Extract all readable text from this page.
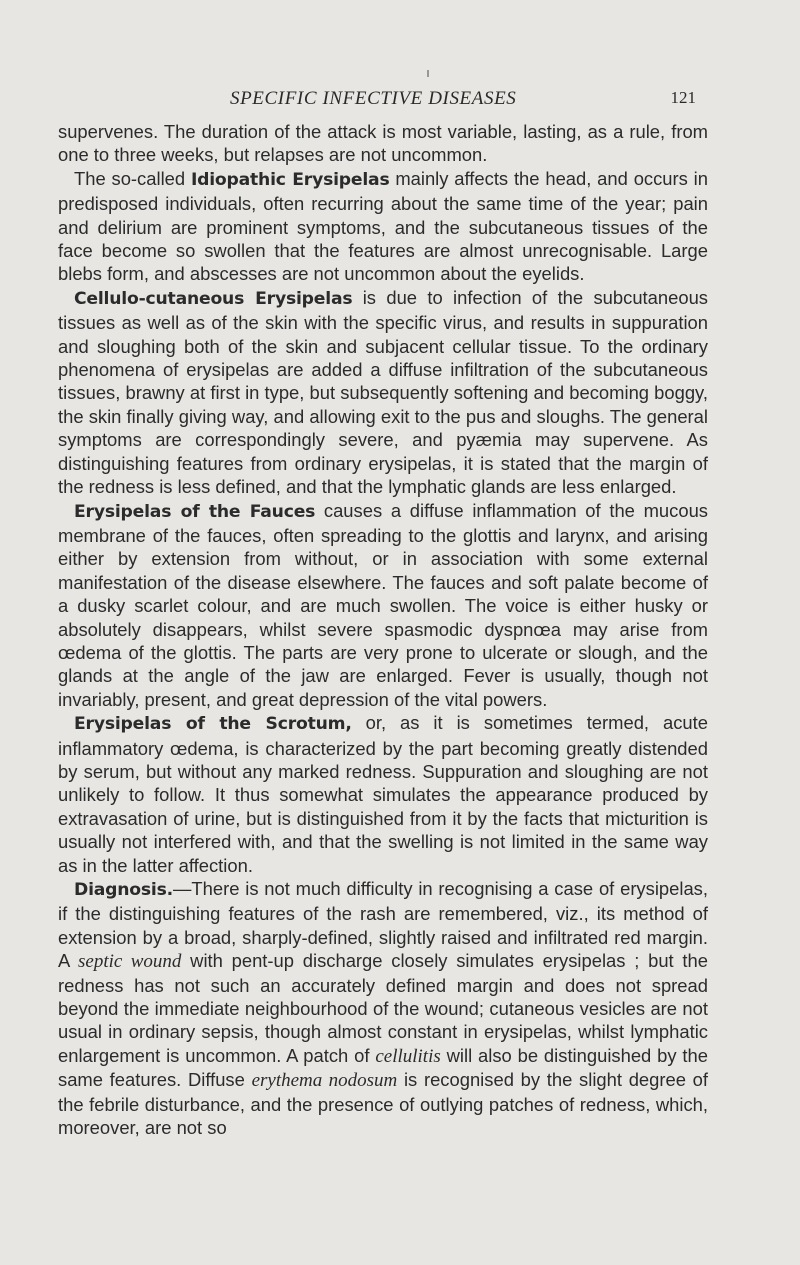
SPECIFIC INFECTIVE DISEASES	121

supervenes. The duration of the attack is most variable, lasting, as a rule, from one to three weeks, but relapses are not uncommon.

The so-called Idiopathic Erysipelas mainly affects the head, and occurs in predisposed individuals, often recurring about the same time of the year; pain and delirium are prominent symptoms, and the subcutaneous tissues of the face become so swollen that the features are almost unrecognisable. Large blebs form, and abscesses are not uncommon about the eyelids.

Cellulo-cutaneous Erysipelas is due to infection of the subcutaneous tissues as well as of the skin with the specific virus, and results in suppuration and sloughing both of the skin and subjacent cellular tissue. To the ordinary phenomena of erysipelas are added a diffuse infiltration of the subcutaneous tissues, brawny at first in type, but subsequently softening and becoming boggy, the skin finally giving way, and allowing exit to the pus and sloughs. The general symptoms are correspondingly severe, and pyæmia may supervene. As distinguishing features from ordinary erysipelas, it is stated that the margin of the redness is less defined, and that the lymphatic glands are less enlarged.

Erysipelas of the Fauces causes a diffuse inflammation of the mucous membrane of the fauces, often spreading to the glottis and larynx, and arising either by extension from without, or in association with some external manifestation of the disease elsewhere. The fauces and soft palate become of a dusky scarlet colour, and are much swollen. The voice is either husky or absolutely disappears, whilst severe spasmodic dyspnœa may arise from œdema of the glottis. The parts are very prone to ulcerate or slough, and the glands at the angle of the jaw are enlarged. Fever is usually, though not invariably, present, and great depression of the vital powers.

Erysipelas of the Scrotum, or, as it is sometimes termed, acute inflammatory œdema, is characterized by the part becoming greatly distended by serum, but without any marked redness. Suppuration and sloughing are not unlikely to follow. It thus somewhat simulates the appearance produced by extravasation of urine, but is distinguished from it by the facts that micturition is usually not interfered with, and that the swelling is not limited in the same way as in the latter affection.

Diagnosis.—There is not much difficulty in recognising a case of erysipelas, if the distinguishing features of the rash are remembered, viz., its method of extension by a broad, sharply-defined, slightly raised and infiltrated red margin. A septic wound with pent-up discharge closely simulates erysipelas ; but the redness has not such an accurately defined margin and does not spread beyond the immediate neighbourhood of the wound; cutaneous vesicles are not usual in ordinary sepsis, though almost constant in erysipelas, whilst lymphatic enlargement is uncommon. A patch of cellulitis will also be distinguished by the same features. Diffuse erythema nodosum is recognised by the slight degree of the febrile disturbance, and the presence of outlying patches of redness, which, moreover, are not so
